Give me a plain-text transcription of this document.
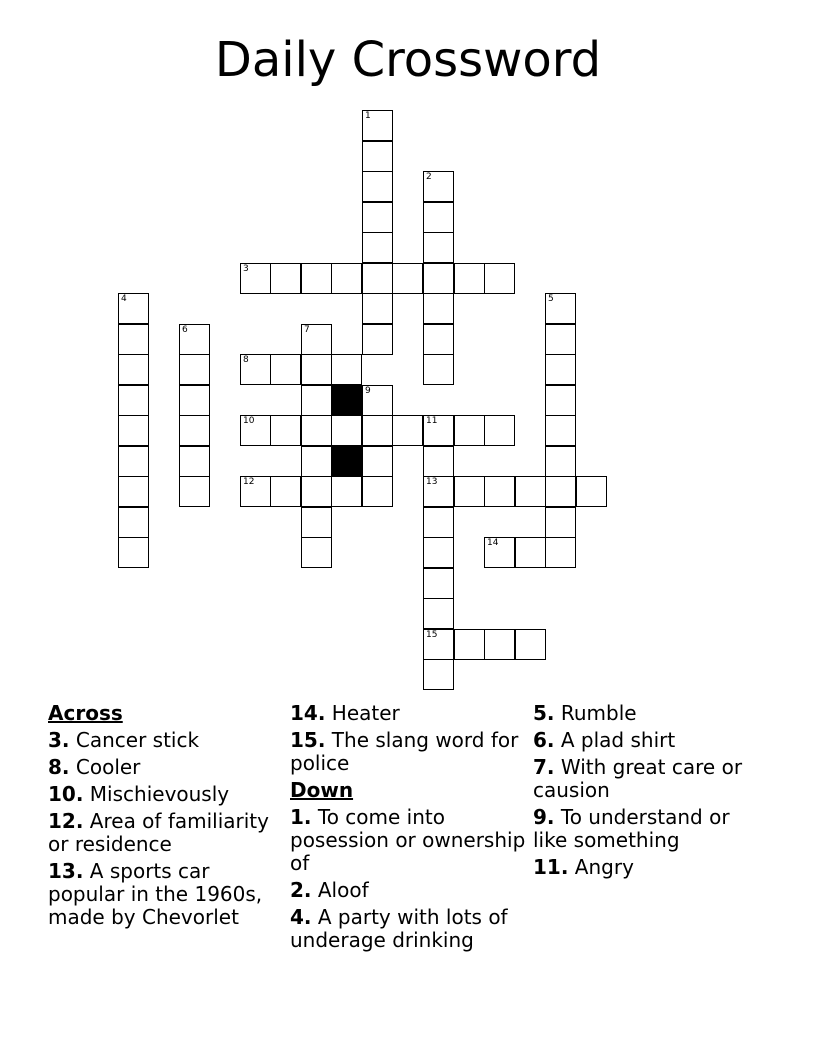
Daily Crossword
1
2
3
4	5
6	7
8
9
10	11
13
12
14
15
Across
3. Cancer stick
8. Cooler
10. Mischievously
12. Area of familiarity or residence
13. A sports car popular in the 1960s, made by Chevorlet
14. Heater
15. The slang word for police
Down
1. To come into posession or ownership of
2. Aloof
4. A party with lots of underage drinking
5. Rumble
6. A plad shirt
7. With great care or causion
9. To understand or like something
11. Angry
